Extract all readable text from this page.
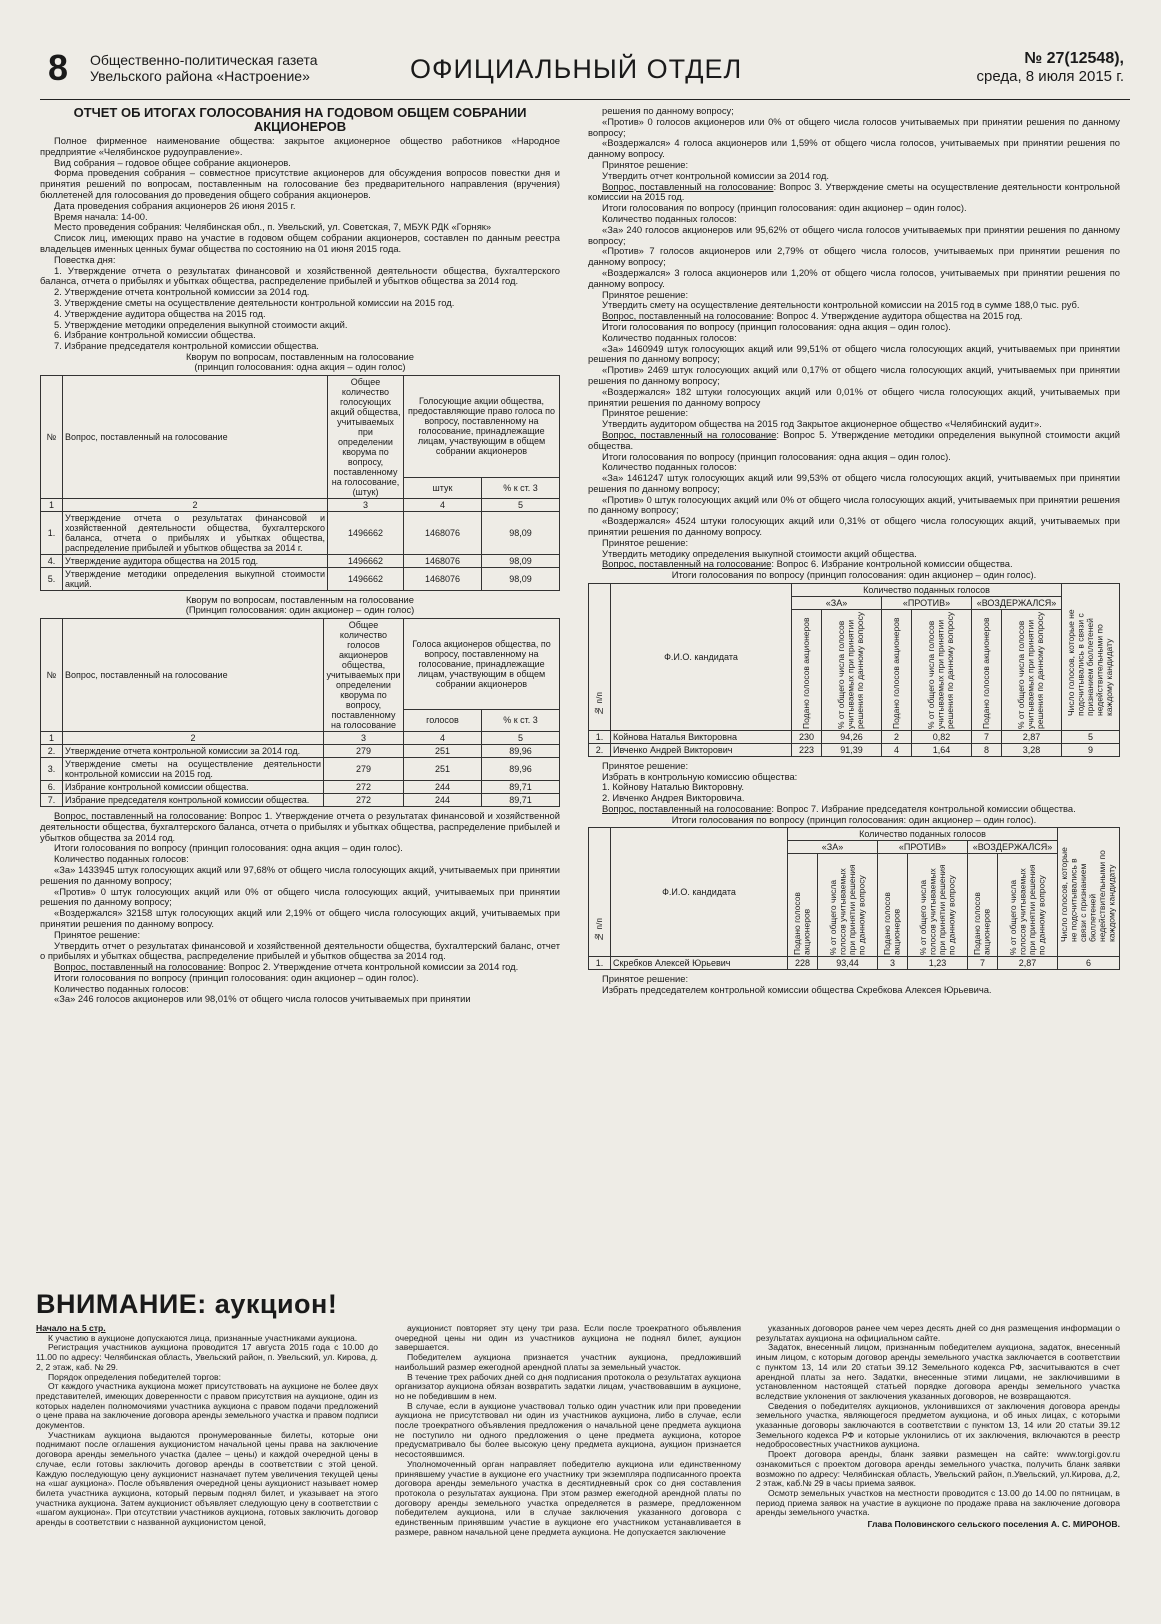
8 Общественно-политическая газета Увельского района «Настроение»	ОФИЦИАЛЬНЫЙ ОТДЕЛ	№ 27(12548),
среда, 8 июля 2015 г.
ОТЧЕТ ОБ ИТОГАХ ГОЛОСОВАНИЯ НА ГОДОВОМ ОБЩЕМ СОБРАНИИ АКЦИОНЕРОВ

Полное фирменное наименование общества: закрытое акционерное общество работников «Народное предприятие «Челябинское рудоуправление».

Вид собрания – годовое общее собрание акционеров.

Форма проведения собрания – совместное присутствие акционеров для обсуждения вопросов повестки дня и принятия решений по вопросам, поставленным на голосование без предварительного направления (вручения) бюллетеней для голосования до проведения общего собрания акционеров.

Дата проведения собрания акционеров 26 июня 2015 г.

Время начала: 14-00.

Место проведения собрания: Челябинская обл., п. Увельский, ул. Советская, 7, МБУК РДК «Горняк»

Список лиц, имеющих право на участие в годовом общем собрании акционеров, составлен по данным реестра владельцев именных ценных бумаг общества по состоянию на 01 июня 2015 года.

Повестка дня:

1. Утверждение отчета о результатах финансовой и хозяйственной деятельности общества, бухгалтерского баланса, отчета о прибылях и убытках общества, распределение прибылей и убытков общества за 2014 год.

2. Утверждение отчета контрольной комиссии за 2014 год.

3. Утверждение сметы на осуществление деятельности контрольной комиссии на 2015 год.

4. Утверждение аудитора общества на 2015 год.

5. Утверждение методики определения выкупной стоимости акций.

6. Избрание контрольной комиссии общества.

7. Избрание председателя контрольной комиссии общества.

Кворум по вопросам, поставленным на голосование
(принцип голосования: одна акция – один голос)
№	Вопрос, поставленный на голосование	Общее количество голосующих акций общества, учитываемых при определении кворума по вопросу, поставленному на голосование, (штук)	Голосующие акции общества, предоставляющие право голоса по вопросу, поставленному на голосование, принадлежащие лицам, участвующим в общем собрании акционеров	
			штук	% к ст. 3
1	2	3	4	5
1.	Утверждение отчета о результатах финансовой и хозяйственной деятельности общества, бухгалтерского баланса, отчета о прибылях и убытках общества, распределение прибылей и убытков общества за 2014 г.	1496662	1468076	98,09
4.	Утверждение аудитора общества на 2015 год.	1496662	1468076	98,09
5.	Утверждение методики определения выкупной стоимости акций.	1496662	1468076	98,09
Кворум по вопросам, поставленным на голосование
(Принцип голосования: один акционер – один голос)
№	Вопрос, поставленный на голосование	Общее количество голосов акционеров общества, учитываемых при определении кворума по вопросу, поставленному на голосование	Голоса акционеров общества, по вопросу, поставленному на голосование, принадлежащие лицам, участвующим в общем собрании акционеров	
			голосов	% к ст. 3
1	2	3	4	5
2.	Утверждение отчета контрольной комиссии за 2014 год.	279	251	89,96
3.	Утверждение сметы на осуществление деятельности контрольной комиссии на 2015 год.	279	251	89,96
6.	Избрание контрольной комиссии общества.	272	244	89,71
7.	Избрание председателя контрольной комиссии общества.	272	244	89,71

Вопрос, поставленный на голосование: Вопрос 1. Утверждение отчета о результатах финансовой и хозяйственной деятельности общества, бухгалтерского баланса, отчета о прибылях и убытках общества, распределение прибылей и убытков общества за 2014 год.

Итоги голосования по вопросу (принцип голосования: одна акция – один голос).

Количество поданных голосов:

«За» 1433945 штук голосующих акций или 97,68% от общего числа голосующих акций, учитываемых при принятии решения по данному вопросу;

«Против» 0 штук голосующих акций или 0% от общего числа голосующих акций, учитываемых при принятии решения по данному вопросу;

«Воздержался» 32158 штук голосующих акций или 2,19% от общего числа голосующих акций, учитываемых при принятии решения по данному вопросу.

Принятое решение:

Утвердить отчет о результатах финансовой и хозяйственной деятельности общества, бухгалтерский баланс, отчет о прибылях и убытках общества, распределение прибылей и убытков общества за 2014 год.

Вопрос, поставленный на голосование: Вопрос 2. Утверждение отчета контрольной комиссии за 2014 год.

Итоги голосования по вопросу (принцип голосования: один акционер – один голос).

Количество поданных голосов:

«За» 246 голосов акционеров или 98,01% от общего числа голосов учитываемых при принятии

решения по данному вопросу;

«Против» 0 голосов акционеров или 0% от общего числа голосов учитываемых при принятии решения по данному вопросу;

«Воздержался» 4 голоса акционеров или 1,59% от общего числа голосов, учитываемых при принятии решения по данному вопросу.

Принятое решение:

Утвердить отчет контрольной комиссии за 2014 год.

Вопрос, поставленный на голосование: Вопрос 3. Утверждение сметы на осуществление деятельности контрольной комиссии на 2015 год.

Итоги голосования по вопросу (принцип голосования: один акционер – один голос).

Количество поданных голосов:

«За» 240 голосов акционеров или 95,62% от общего числа голосов учитываемых при принятии решения по данному вопросу;

«Против» 7 голосов акционеров или 2,79% от общего числа голосов, учитываемых при принятии решения по данному вопросу;

«Воздержался» 3 голоса акционеров или 1,20% от общего числа голосов, учитываемых при принятии решения по данному вопросу.

Принятое решение:

Утвердить смету на осуществление деятельности контрольной комиссии на 2015 год в сумме 188,0 тыс. руб.

Вопрос, поставленный на голосование: Вопрос 4. Утверждение аудитора общества на 2015 год.

Итоги голосования по вопросу (принцип голосования: одна акция – один голос).

Количество поданных голосов:

«За» 1460949 штук голосующих акций или 99,51% от общего числа голосующих акций, учитываемых при принятии решения по данному вопросу;

«Против» 2469 штук голосующих акций или 0,17% от общего числа голосующих акций, учитываемых при принятии решения по данному вопросу;

«Воздержался» 182 штуки голосующих акций или 0,01% от общего числа голосующих акций, учитываемых при принятии решения по данному вопросу

Принятое решение:

Утвердить аудитором общества на 2015 год Закрытое акционерное общество «Челябинский аудит».

Вопрос, поставленный на голосование: Вопрос 5. Утверждение методики определения выкупной стоимости акций общества.

Итоги голосования по вопросу (принцип голосования: одна акция – один голос).

Количество поданных голосов:

«За» 1461247 штук голосующих акций или 99,53% от общего числа голосующих акций, учитываемых при принятии решения по данному вопросу;

«Против» 0 штук голосующих акций или 0% от общего числа голосующих акций, учитываемых при принятии решения по данному вопросу;

«Воздержался» 4524 штуки голосующих акций или 0,31% от общего числа голосующих акций, учитываемых при принятии решения по данному вопросу.

Принятое решение:

Утвердить методику определения выкупной стоимости акций общества.

Вопрос, поставленный на голосование: Вопрос 6. Избрание контрольной комиссии общества.

Итоги голосования по вопросу (принцип голосования: один акционер – один голос).
№ п/п	Ф.И.О. кандидата	Количество поданных голосов						Число голосов, которые не подсчитывались в связи с признанием бюллетеней недействительными по каждому кандидату

		«ЗА»		«ПРОТИВ»		«ВОЗДЕРЖАЛСЯ»		

		Подано голосов акционеров	% от общего числа голосов учитываемых при принятии решения по данному вопросу	Подано голосов акционеров	% от общего числа голосов учитываемых при принятии решения по данному вопросу	Подано голосов акционеров	% от общего числа голосов учитываемых при принятии решения по данному вопросу	

1.	Койнова Наталья Викторовна	230	94,26	2	0,82	7	2,87	5
2.	Ивченко Андрей Викторович	223	91,39	4	1,64	8	3,28	9

Принятое решение:

Избрать в контрольную комиссию общества:

1. Койнову Наталью Викторовну.

2. Ивченко Андрея Викторовича.

Вопрос, поставленный на голосование: Вопрос 7. Избрание председателя контрольной комиссии общества.

Итоги голосования по вопросу (принцип голосования: один акционер – один голос).
№ п/п	Ф.И.О. кандидата	Количество поданных голосов						Число голосов, которые не подсчитывались в связи с признанием бюллетеней недействительными по каждому кандидату

		«ЗА»		«ПРОТИВ»		«ВОЗДЕРЖАЛСЯ»		

		Подано голосов акционеров	% от общего числа голосов учитываемых при принятии решения по данному вопросу	Подано голосов акционеров	% от общего числа голосов учитываемых при принятии решения по данному вопросу	Подано голосов акционеров	% от общего числа голосов учитываемых при принятии решения по данному вопросу	

1.	Скребков Алексей Юрьевич	228	93,44	3	1,23	7	2,87	6

Принятое решение:

Избрать председателем контрольной комиссии общества Скребкова Алексея Юрьевича.

ВНИМАНИЕ: аукцион!

Начало на 5 стр.

К участию в аукционе допускаются лица, признанные участниками аукциона.

Регистрация участников аукциона проводится 17 августа 2015 года с 10.00 до 11.00 по адресу: Челябинская область, Увельский район, п. Увельский, ул. Кирова, д. 2, 2 этаж, каб. № 29.

Порядок определения победителей торгов:

От каждого участника аукциона может присутствовать на аукционе не более двух представителей, имеющих доверенности с правом присутствия на аукционе, один из которых наделен полномочиями участника аукциона с правом подачи предложений о цене права на заключение договора аренды земельного участка и правом подписи документов.

Участникам аукциона выдаются пронумерованные билеты, которые они поднимают после оглашения аукционистом начальной цены права на заключение договора аренды земельного участка (далее – цены) и каждой очередной цены в случае, если готовы заключить договор аренды в соответствии с этой ценой. Каждую последующую цену аукционист назначает путем увеличения текущей цены на «шаг аукциона». После объявления очередной цены аукционист называет номер билета участника аукциона, который первым поднял билет, и указывает на этого участника аукциона. Затем аукционист объявляет следующую цену в соответствии с «шагом аукциона». При отсутствии участников аукциона, готовых заключить договор аренды в соответствии с названной аукционистом ценой,

аукционист повторяет эту цену три раза. Если после троекратного объявления очередной цены ни один из участников аукциона не поднял билет, аукцион завершается.

Победителем аукциона признается участник аукциона, предложивший наибольший размер ежегодной арендной платы за земельный участок.

В течение трех рабочих дней со дня подписания протокола о результатах аукциона организатор аукциона обязан возвратить задатки лицам, участвовавшим в аукционе, но не победившим в нем.

В случае, если в аукционе участвовал только один участник или при проведении аукциона не присутствовал ни один из участников аукциона, либо в случае, если после троекратного объявления предложения о начальной цене предмета аукциона не поступило ни одного предложения о цене предмета аукциона, которое предусматривало бы более высокую цену предмета аукциона, аукцион признается несостоявшимся.

Уполномоченный орган направляет победителю аукциона или единственному принявшему участие в аукционе его участнику три экземпляра подписанного проекта договора аренды земельного участка в десятидневный срок со дня составления протокола о результатах аукциона. При этом размер ежегодной арендной платы по договору аренды земельного участка определяется в размере, предложенном победителем аукциона, или в случае заключения указанного договора с единственным принявшим участие в аукционе его участником устанавливается в размере, равном начальной цене предмета аукциона. Не допускается заключение

указанных договоров ранее чем через десять дней со дня размещения информации о результатах аукциона на официальном сайте.

Задаток, внесенный лицом, признанным победителем аукциона, задаток, внесенный иным лицом, с которым договор аренды земельного участка заключается в соответствии с пунктом 13, 14 или 20 статьи 39.12 Земельного кодекса РФ, засчитываются в счет арендной платы за него. Задатки, внесенные этими лицами, не заключившими в установленном настоящей статьей порядке договора аренды земельного участка вследствие уклонения от заключения указанных договоров, не возвращаются.

Сведения о победителях аукционов, уклонившихся от заключения договора аренды земельного участка, являющегося предметом аукциона, и об иных лицах, с которыми указанные договоры заключаются в соответствии с пунктом 13, 14 или 20 статьи 39.12 Земельного кодекса РФ и которые уклонились от их заключения, включаются в реестр недобросовестных участников аукциона.

Проект договора аренды, бланк заявки размещен на сайте: www.torgi.gov.ru ознакомиться с проектом договора аренды земельного участка, получить бланк заявки возможно по адресу: Челябинская область, Увельский район, п.Увельский, ул.Кирова, д.2, 2 этаж, каб.№ 29 в часы приема заявок.

Осмотр земельных участков на местности проводится с 13.00 до 14.00 по пятницам, в период приема заявок на участие в аукционе по продаже права на заключение договора аренды земельного участка.

Глава Половинского сельского поселения А. С. МИРОНОВ.
